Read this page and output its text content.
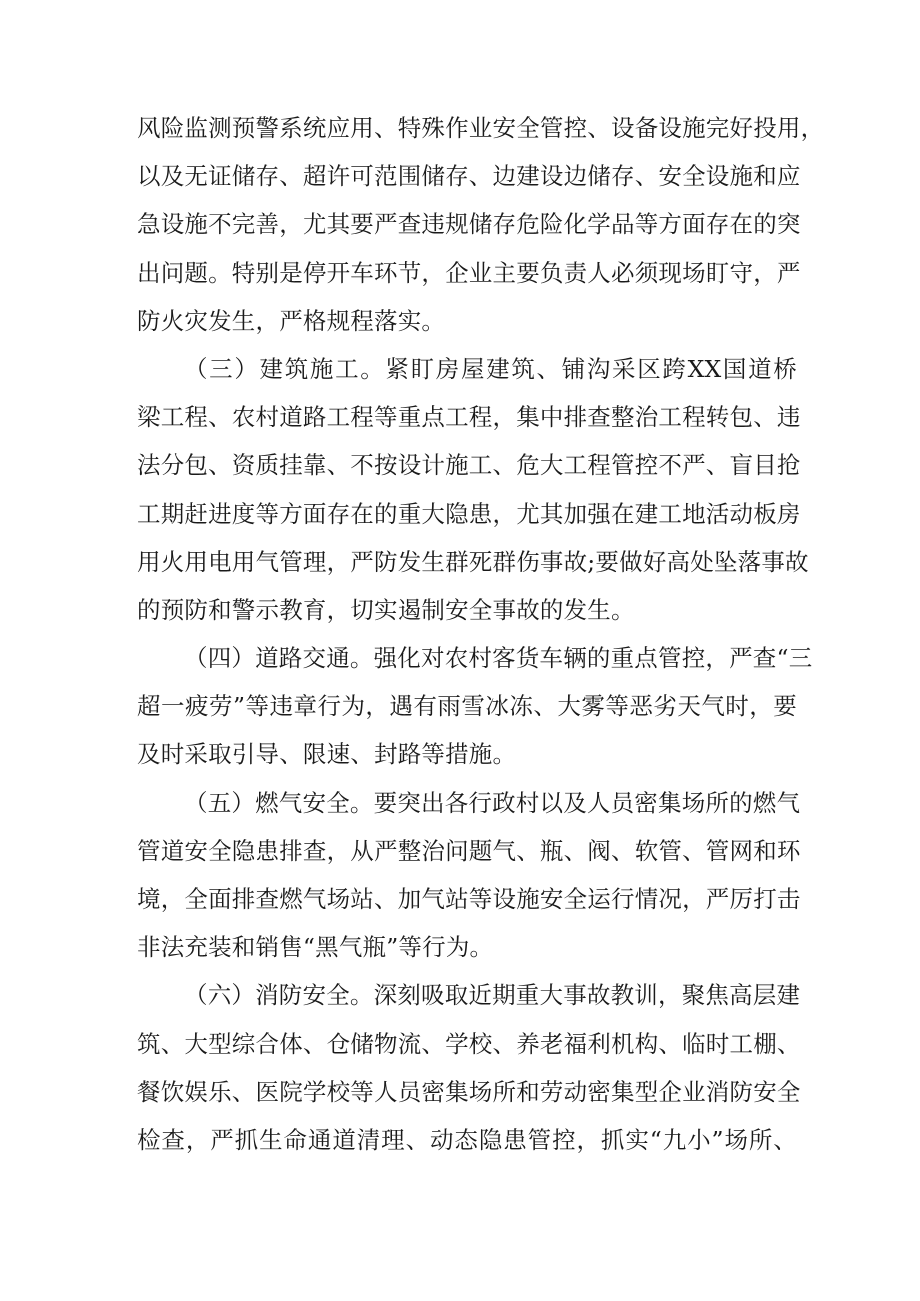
风险监测预警系统应用、特殊作业安全管控、设备设施完好投用，
以及无证储存、超许可范围储存、边建设边储存、安全设施和应
急设施不完善，尤其要严查违规储存危险化学品等方面存在的突
出问题。特别是停开车环节，企业主要负责人必须现场盯守，严
防火灾发生，严格规程落实。
（三）建筑施工。紧盯房屋建筑、铺沟采区跨XX国道桥
梁工程、农村道路工程等重点工程，集中排查整治工程转包、违
法分包、资质挂靠、不按设计施工、危大工程管控不严、盲目抢
工期赶进度等方面存在的重大隐患，尤其加强在建工地活动板房
用火用电用气管理，严防发生群死群伤事故;要做好高处坠落事故
的预防和警示教育，切实遏制安全事故的发生。
（四）道路交通。强化对农村客货车辆的重点管控，严查“三
超一疲劳”等违章行为，遇有雨雪冰冻、大雾等恶劣天气时，要
及时采取引导、限速、封路等措施。
（五）燃气安全。要突出各行政村以及人员密集场所的燃气
管道安全隐患排查，从严整治问题气、瓶、阀、软管、管网和环
境，全面排查燃气场站、加气站等设施安全运行情况，严厉打击
非法充装和销售“黑气瓶”等行为。
（六）消防安全。深刻吸取近期重大事故教训，聚焦高层建
筑、大型综合体、仓储物流、学校、养老福利机构、临时工棚、
餐饮娱乐、医院学校等人员密集场所和劳动密集型企业消防安全
检查，严抓生命通道清理、动态隐患管控，抓实“九小”场所、
